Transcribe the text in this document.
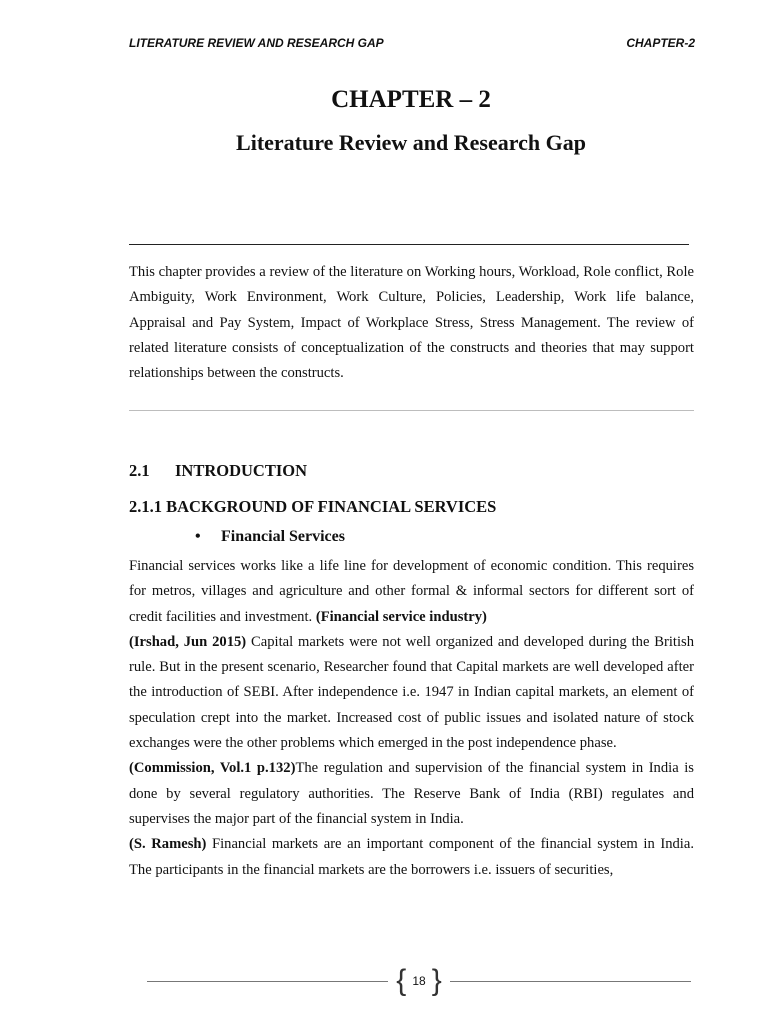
LITERATURE REVIEW AND RESEARCH GAP	CHAPTER-2
CHAPTER – 2
Literature Review and Research Gap
This chapter provides a review of the literature on Working hours, Workload, Role conflict, Role Ambiguity, Work Environment, Work Culture, Policies, Leadership, Work life balance, Appraisal and Pay System, Impact of Workplace Stress, Stress Management. The review of related literature consists of conceptualization of the constructs and theories that may support relationships between the constructs.
2.1 INTRODUCTION
2.1.1 BACKGROUND OF FINANCIAL SERVICES
• Financial Services

Financial services works like a life line for development of economic condition. This requires for metros, villages and agriculture and other formal & informal sectors for different sort of credit facilities and investment. (Financial service industry)

(Irshad, Jun 2015) Capital markets were not well organized and developed during the British rule. But in the present scenario, Researcher found that Capital markets are well developed after the introduction of SEBI. After independence i.e. 1947 in Indian capital markets, an element of speculation crept into the market. Increased cost of public issues and isolated nature of stock exchanges were the other problems which emerged in the post independence phase.

(Commission, Vol.1 p.132)The regulation and supervision of the financial system in India is done by several regulatory authorities. The Reserve Bank of India (RBI) regulates and supervises the major part of the financial system in India.

(S. Ramesh) Financial markets are an important component of the financial system in India. The participants in the financial markets are the borrowers i.e. issuers of securities,

{ 18 }
